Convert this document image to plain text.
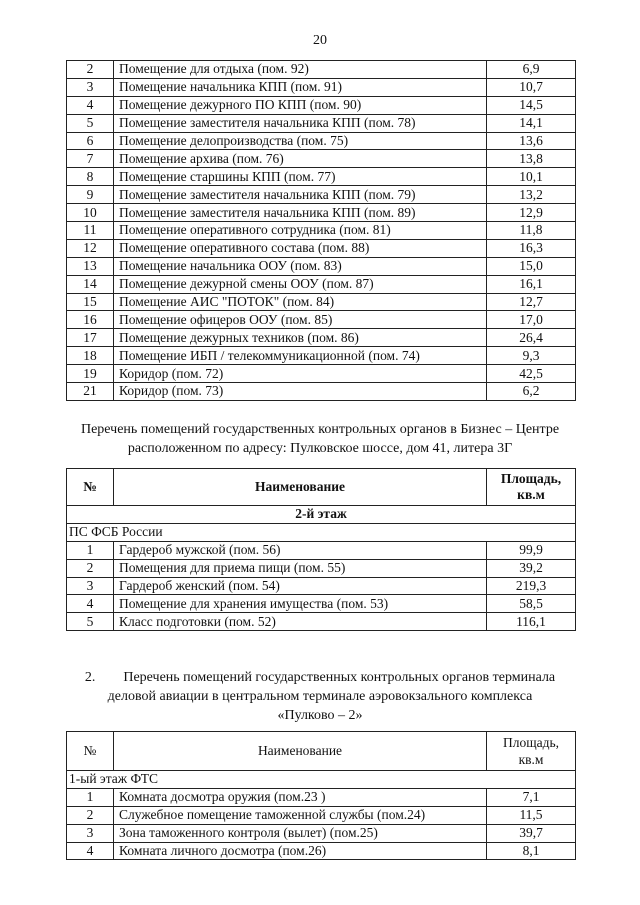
20
2	Помещение для отдыха (пом. 92)	6,9
3	Помещение начальника КПП (пом. 91)	10,7
4	Помещение дежурного ПО КПП (пом. 90)	14,5
5	Помещение заместителя начальника КПП (пом. 78)	14,1
6	Помещение делопроизводства (пом. 75)	13,6
7	Помещение архива (пом. 76)	13,8
8	Помещение старшины КПП (пом. 77)	10,1
9	Помещение заместителя начальника КПП (пом. 79)	13,2
10	Помещение заместителя начальника КПП (пом. 89)	12,9
11	Помещение оперативного сотрудника (пом. 81)	11,8
12	Помещение оперативного состава (пом. 88)	16,3
13	Помещение начальника ООУ (пом. 83)	15,0
14	Помещение дежурной смены ООУ (пом. 87)	16,1
15	Помещение АИС "ПОТОК" (пом. 84)	12,7
16	Помещение офицеров ООУ (пом. 85)	17,0
17	Помещение дежурных техников (пом. 86)	26,4
18	Помещение ИБП / телекоммуникационной (пом. 74)	9,3
19	Коридор (пом. 72)	42,5
21	Коридор (пом. 73)	6,2
Перечень помещений государственных контрольных органов в Бизнес – Центре
расположенном по адресу: Пулковское шоссе, дом 41, литера 3Г
№	Наименование	Площадь,
кв.м

2-й этаж		
ПС ФСБ России		
1	Гардероб мужской (пом. 56)	99,9
2	Помещения для приема пищи (пом. 55)	39,2
3	Гардероб женский (пом. 54)	219,3
4	Помещение для хранения имущества (пом. 53)	58,5
5	Класс подготовки (пом. 52)	116,1
2. Перечень помещений государственных контрольных органов терминала
деловой авиации в центральном терминале аэровокзального комплекса
«Пулково – 2»
№	Наименование	Площадь,
кв.м

1-ый этаж ФТС		
1	Комната досмотра оружия (пом.23 )	7,1
2	Служебное помещение таможенной службы (пом.24)	11,5
3	Зона таможенного контроля (вылет) (пом.25)	39,7
4	Комната личного досмотра (пом.26)	8,1
